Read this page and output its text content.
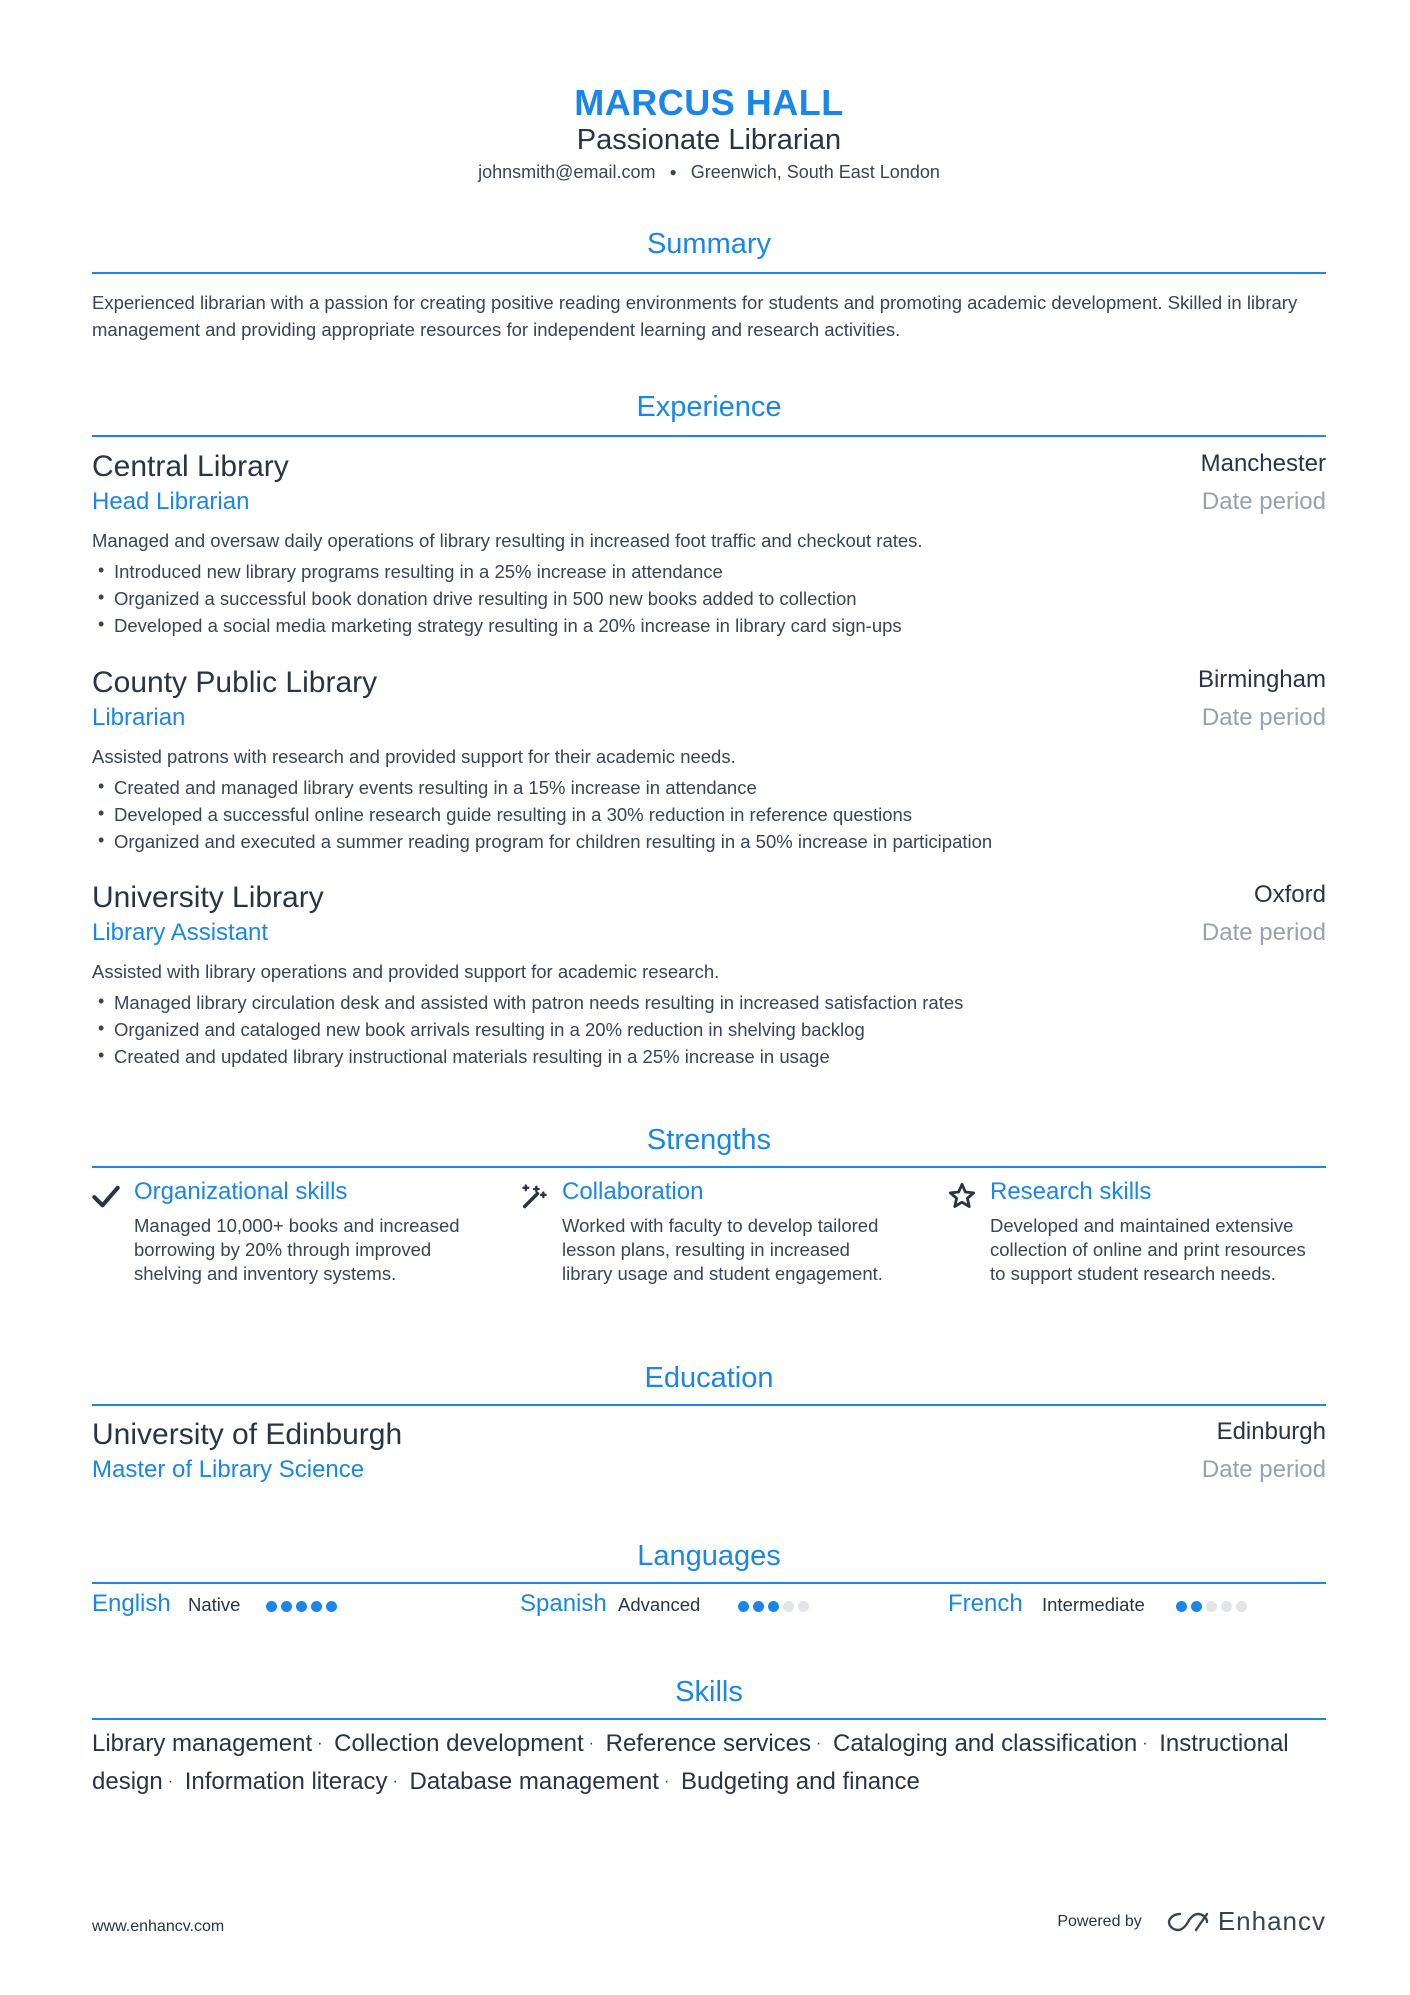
MARCUS HALL
Passionate Librarian
johnsmith@email.com ● Greenwich, South East London
Summary
Experienced librarian with a passion for creating positive reading environments for students and promoting academic development. Skilled in library management and providing appropriate resources for independent learning and research activities.
Experience
Central Library
Head Librarian
Manchester
Date period
Managed and oversaw daily operations of library resulting in increased foot traffic and checkout rates.
• Introduced new library programs resulting in a 25% increase in attendance
• Organized a successful book donation drive resulting in 500 new books added to collection
• Developed a social media marketing strategy resulting in a 20% increase in library card sign-ups
County Public Library
Librarian
Birmingham
Date period
Assisted patrons with research and provided support for their academic needs.
• Created and managed library events resulting in a 15% increase in attendance
• Developed a successful online research guide resulting in a 30% reduction in reference questions
• Organized and executed a summer reading program for children resulting in a 50% increase in participation
University Library
Library Assistant
Oxford
Date period
Assisted with library operations and provided support for academic research.
• Managed library circulation desk and assisted with patron needs resulting in increased satisfaction rates
• Organized and cataloged new book arrivals resulting in a 20% reduction in shelving backlog
• Created and updated library instructional materials resulting in a 25% increase in usage
Strengths
Organizational skills
Managed 10,000+ books and increased borrowing by 20% through improved shelving and inventory systems.
Collaboration
Worked with faculty to develop tailored lesson plans, resulting in increased library usage and student engagement.
Research skills
Developed and maintained extensive collection of online and print resources to support student research needs.
Education
University of Edinburgh
Master of Library Science
Edinburgh
Date period
Languages
English Native	Spanish Advanced	French Intermediate
Skills
Library management · Collection development · Reference services · Cataloging and classification · Instructional design · Information literacy · Database management · Budgeting and finance
www.enhancv.com	Powered by	Enhancv
